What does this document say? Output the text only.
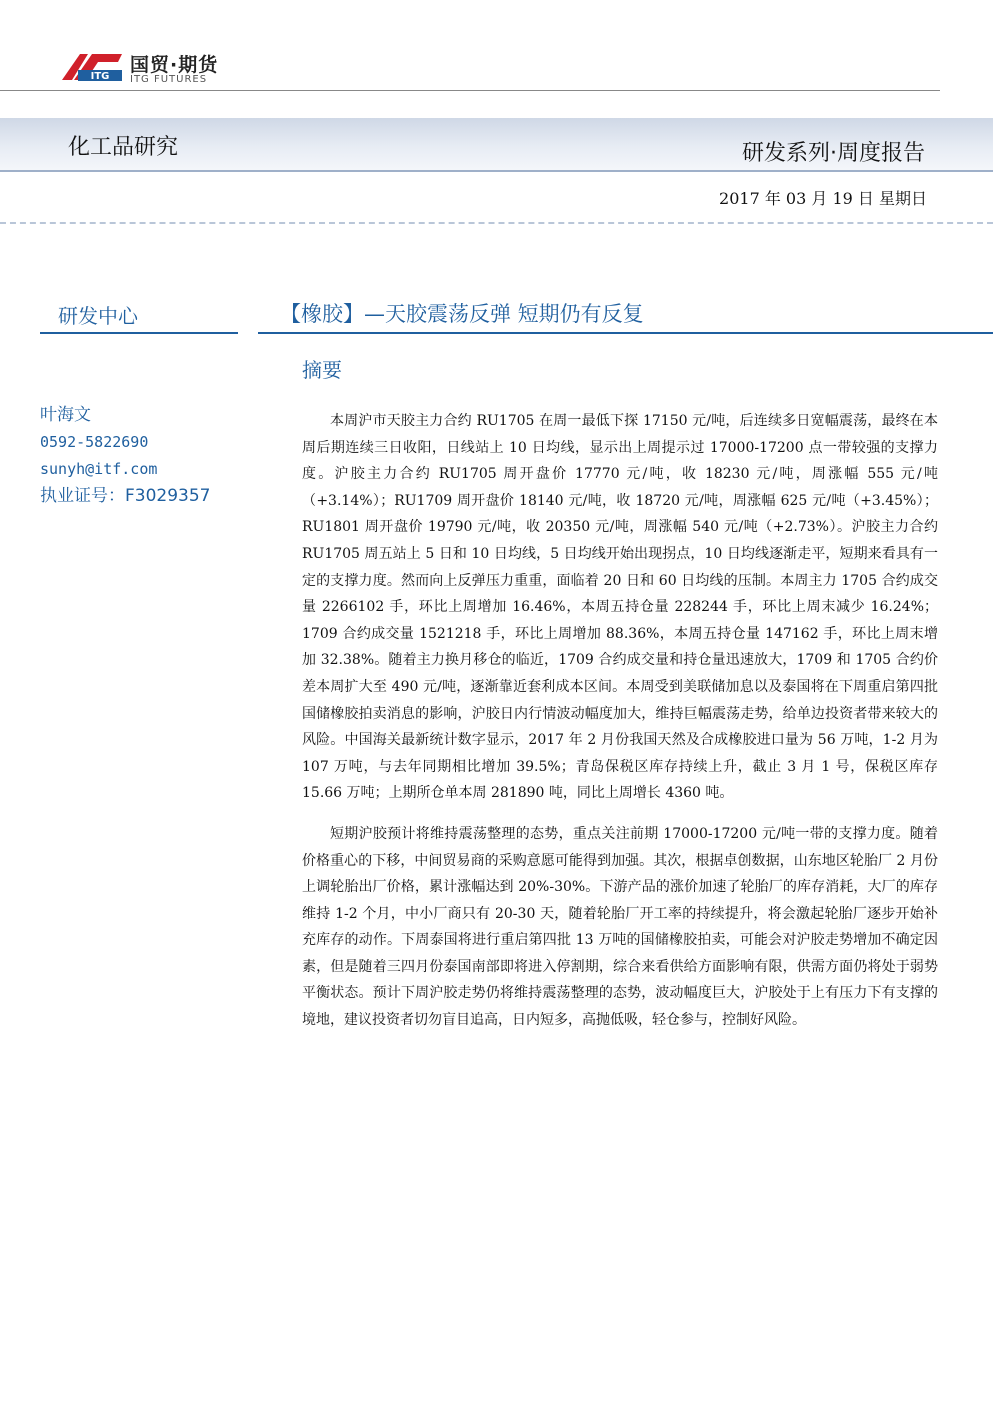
ITG
国贸·期货
ITG FUTURES
化工品研究	研发系列·周度报告
2017 年 03 月 19 日 星期日
研发中心	【橡胶】—天胶震荡反弹 短期仍有反复
摘要
叶海文
0592-5822690
sunyh@itf.com
执业证号：F3029357

本周沪市天胶主力合约 RU1705 在周一最低下探 17150 元/吨，后连续多日宽幅震荡，最终在本周后期连续三日收阳，日线站上 10 日均线，显示出上周提示过 17000-17200 点一带较强的支撑力度。沪胶主力合约 RU1705 周开盘价 17770 元/吨，收 18230 元/吨，周涨幅 555 元/吨（+3.14%）；RU1709 周开盘价 18140 元/吨，收 18720 元/吨，周涨幅 625 元/吨（+3.45%）；RU1801 周开盘价 19790 元/吨，收 20350 元/吨，周涨幅 540 元/吨（+2.73%）。沪胶主力合约 RU1705 周五站上 5 日和 10 日均线，5 日均线开始出现拐点，10 日均线逐渐走平，短期来看具有一定的支撑力度。然而向上反弹压力重重，面临着 20 日和 60 日均线的压制。本周主力 1705 合约成交量 2266102 手，环比上周增加 16.46%，本周五持仓量 228244 手，环比上周末减少 16.24%；1709 合约成交量 1521218 手，环比上周增加 88.36%，本周五持仓量 147162 手，环比上周末增加 32.38%。随着主力换月移仓的临近，1709 合约成交量和持仓量迅速放大，1709 和 1705 合约价差本周扩大至 490 元/吨，逐渐靠近套利成本区间。本周受到美联储加息以及泰国将在下周重启第四批国储橡胶拍卖消息的影响，沪胶日内行情波动幅度加大，维持巨幅震荡走势，给单边投资者带来较大的风险。中国海关最新统计数字显示，2017 年 2 月份我国天然及合成橡胶进口量为 56 万吨，1-2 月为 107 万吨，与去年同期相比增加 39.5%；青岛保税区库存持续上升，截止 3 月 1 号，保税区库存 15.66 万吨；上期所仓单本周 281890 吨，同比上周增长 4360 吨。

短期沪胶预计将维持震荡整理的态势，重点关注前期 17000-17200 元/吨一带的支撑力度。随着价格重心的下移，中间贸易商的采购意愿可能得到加强。其次，根据卓创数据，山东地区轮胎厂 2 月份上调轮胎出厂价格，累计涨幅达到 20%-30%。下游产品的涨价加速了轮胎厂的库存消耗，大厂的库存维持 1-2 个月，中小厂商只有 20-30 天，随着轮胎厂开工率的持续提升，将会激起轮胎厂逐步开始补充库存的动作。下周泰国将进行重启第四批 13 万吨的国储橡胶拍卖，可能会对沪胶走势增加不确定因素，但是随着三四月份泰国南部即将进入停割期，综合来看供给方面影响有限，供需方面仍将处于弱势平衡状态。预计下周沪胶走势仍将维持震荡整理的态势，波动幅度巨大，沪胶处于上有压力下有支撑的境地，建议投资者切勿盲目追高，日内短多，高抛低吸，轻仓参与，控制好风险。
